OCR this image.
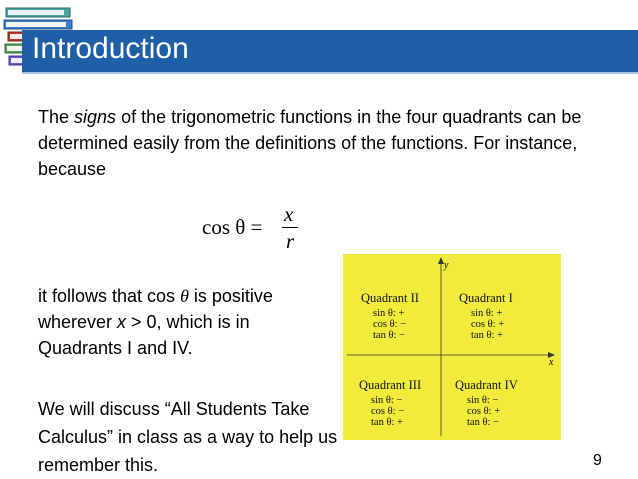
Introduction
The signs of the trigonometric functions in the four quadrants can be determined easily from the definitions of the functions. For instance, because
cos θ =
x
r
it follows that cos θ is positive wherever x > 0, which is in Quadrants I and IV.
We will discuss “All Students Take Calculus” in class as a way to help us remember this.
y
x
Quadrant II
sin θ: +
cos θ: −
tan θ: −
Quadrant I
sin θ: +
cos θ: +
tan θ: +
Quadrant III
sin θ: −
cos θ: −
tan θ: +
Quadrant IV
sin θ: −
cos θ: +
tan θ: −
9
